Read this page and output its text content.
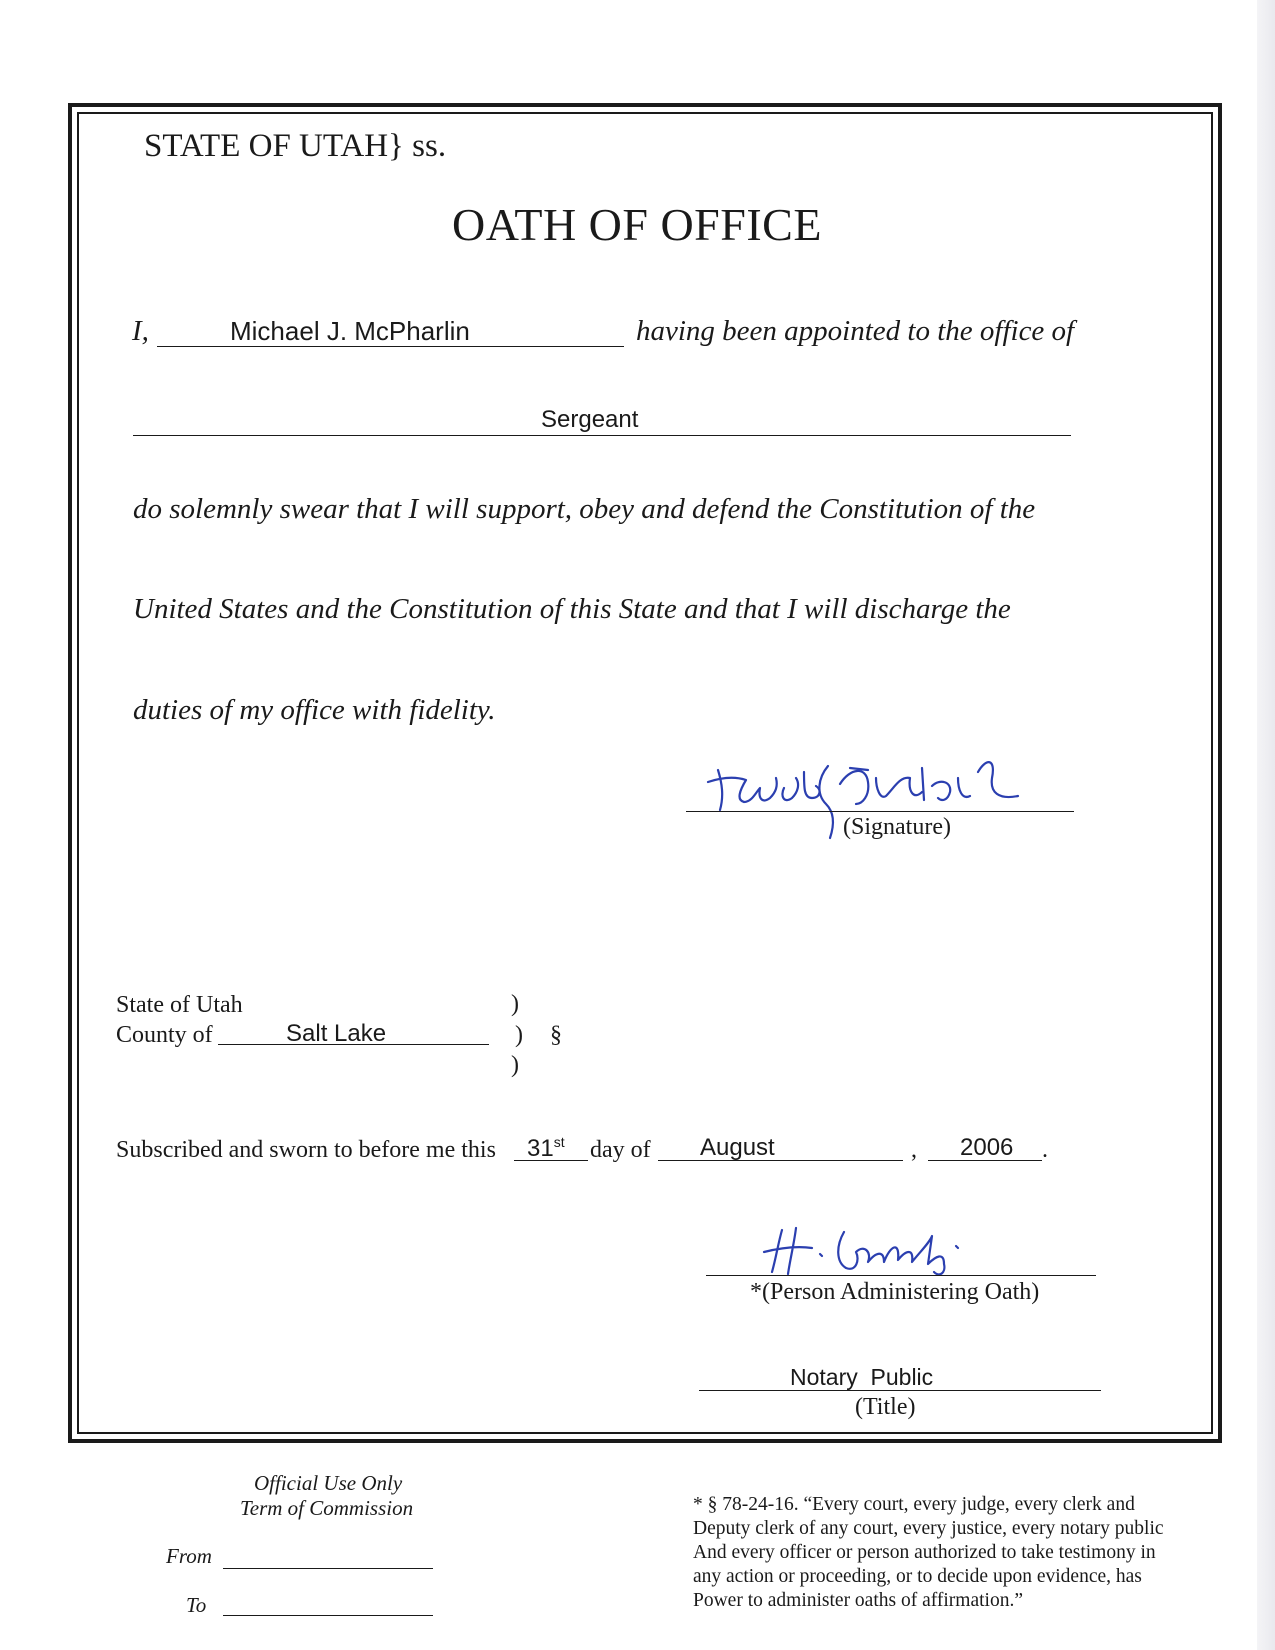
STATE OF UTAH} ss.
OATH OF OFFICE
I,	Michael J. McPharlin	having been appointed to the office of
Sergeant
do solemnly swear that I will support, obey and defend the Constitution of the
United States and the Constitution of this State and that I will discharge the
duties of my office with fidelity.
(Signature)
State of Utah	)
County of	Salt Lake	) §
)
Subscribed and sworn to before me this 31st day of August	, 2006 .
*(Person Administering Oath)
Notary  Public
(Title)
Official Use Only
Term of Commission
From
To
* § 78-24-16. “Every court, every judge, every clerk and
Deputy clerk of any court, every justice, every notary public
And every officer or person authorized to take testimony in
any action or proceeding, or to decide upon evidence, has
Power to administer oaths of affirmation.”
